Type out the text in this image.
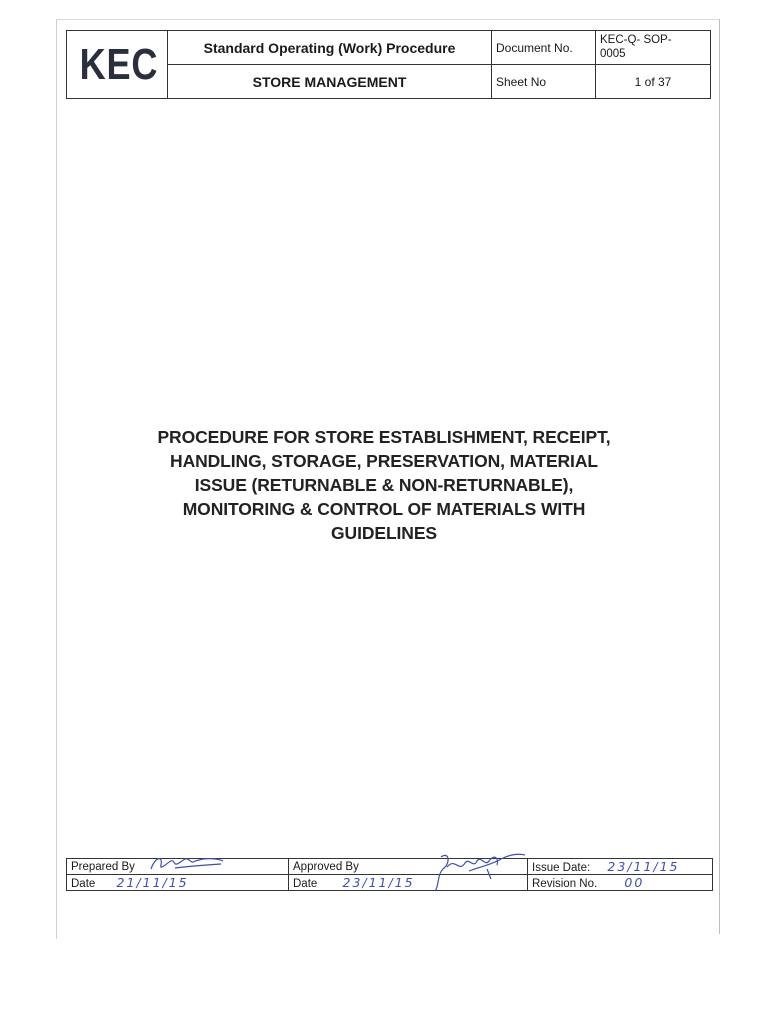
KEC	Standard Operating (Work) Procedure	Document No.	KEC-Q- SOP-
0005

	STORE MANAGEMENT	Sheet No	1 of 37
PROCEDURE FOR STORE ESTABLISHMENT, RECEIPT,
HANDLING, STORAGE, PRESERVATION, MATERIAL
ISSUE (RETURNABLE & NON-RETURNABLE),
MONITORING & CONTROL OF MATERIALS WITH
GUIDELINES
Prepared By	Approved By	Issue Date: 23/11/15
Date 21/11/15	Date 23/11/15	Revision No. 00
